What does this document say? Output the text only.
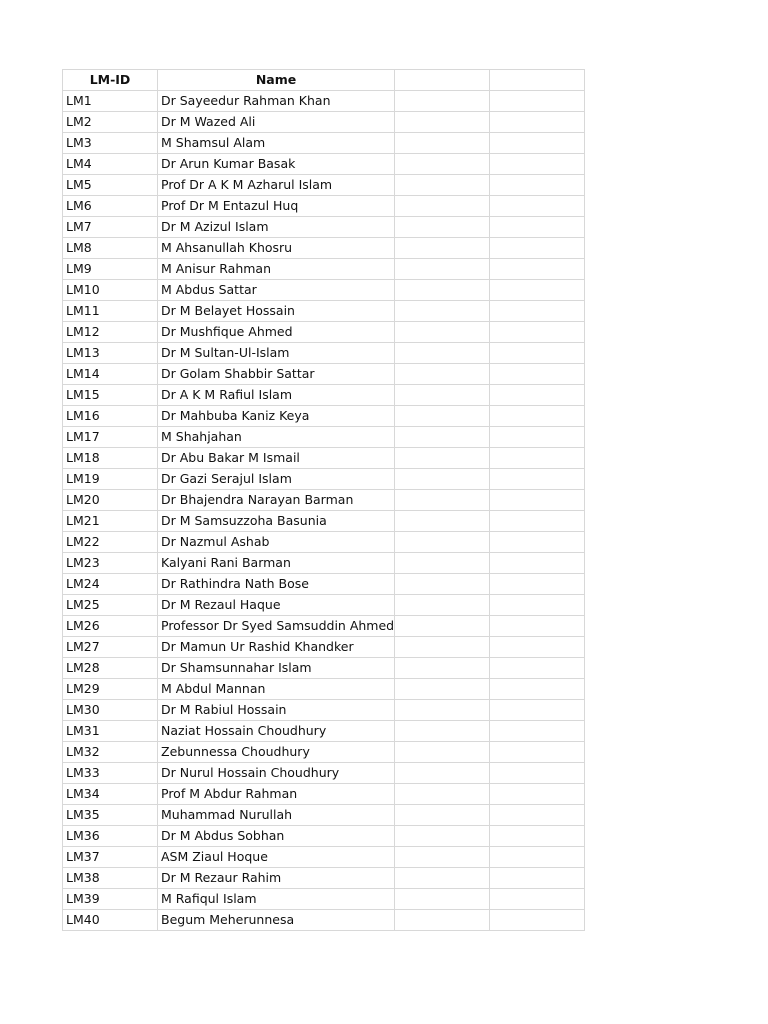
LM-ID	Name		
LM1	Dr Sayeedur Rahman Khan		
LM2	Dr M Wazed Ali		
LM3	M Shamsul Alam		
LM4	Dr Arun Kumar Basak		
LM5	Prof Dr A K M Azharul Islam		
LM6	Prof Dr M Entazul Huq		
LM7	Dr M Azizul Islam		
LM8	M Ahsanullah Khosru		
LM9	M Anisur Rahman		
LM10	M Abdus Sattar		
LM11	Dr M Belayet Hossain		
LM12	Dr Mushfique Ahmed		
LM13	Dr M Sultan-Ul-Islam		
LM14	Dr Golam Shabbir Sattar		
LM15	Dr A K M Rafiul Islam		
LM16	Dr Mahbuba Kaniz Keya		
LM17	M Shahjahan		
LM18	Dr Abu Bakar M Ismail		
LM19	Dr Gazi Serajul Islam		
LM20	Dr Bhajendra Narayan Barman		
LM21	Dr M Samsuzzoha Basunia		
LM22	Dr Nazmul Ashab		
LM23	Kalyani Rani Barman		
LM24	Dr Rathindra Nath Bose		
LM25	Dr M Rezaul Haque		
LM26	Professor Dr Syed Samsuddin Ahmed		
LM27	Dr Mamun Ur Rashid Khandker		
LM28	Dr Shamsunnahar Islam		
LM29	M Abdul Mannan		
LM30	Dr M Rabiul Hossain		
LM31	Naziat Hossain Choudhury		
LM32	Zebunnessa Choudhury		
LM33	Dr Nurul Hossain Choudhury		
LM34	Prof M Abdur Rahman		
LM35	Muhammad Nurullah		
LM36	Dr M Abdus Sobhan		
LM37	ASM Ziaul Hoque		
LM38	Dr M Rezaur Rahim		
LM39	M Rafiqul Islam		
LM40	Begum Meherunnesa		
